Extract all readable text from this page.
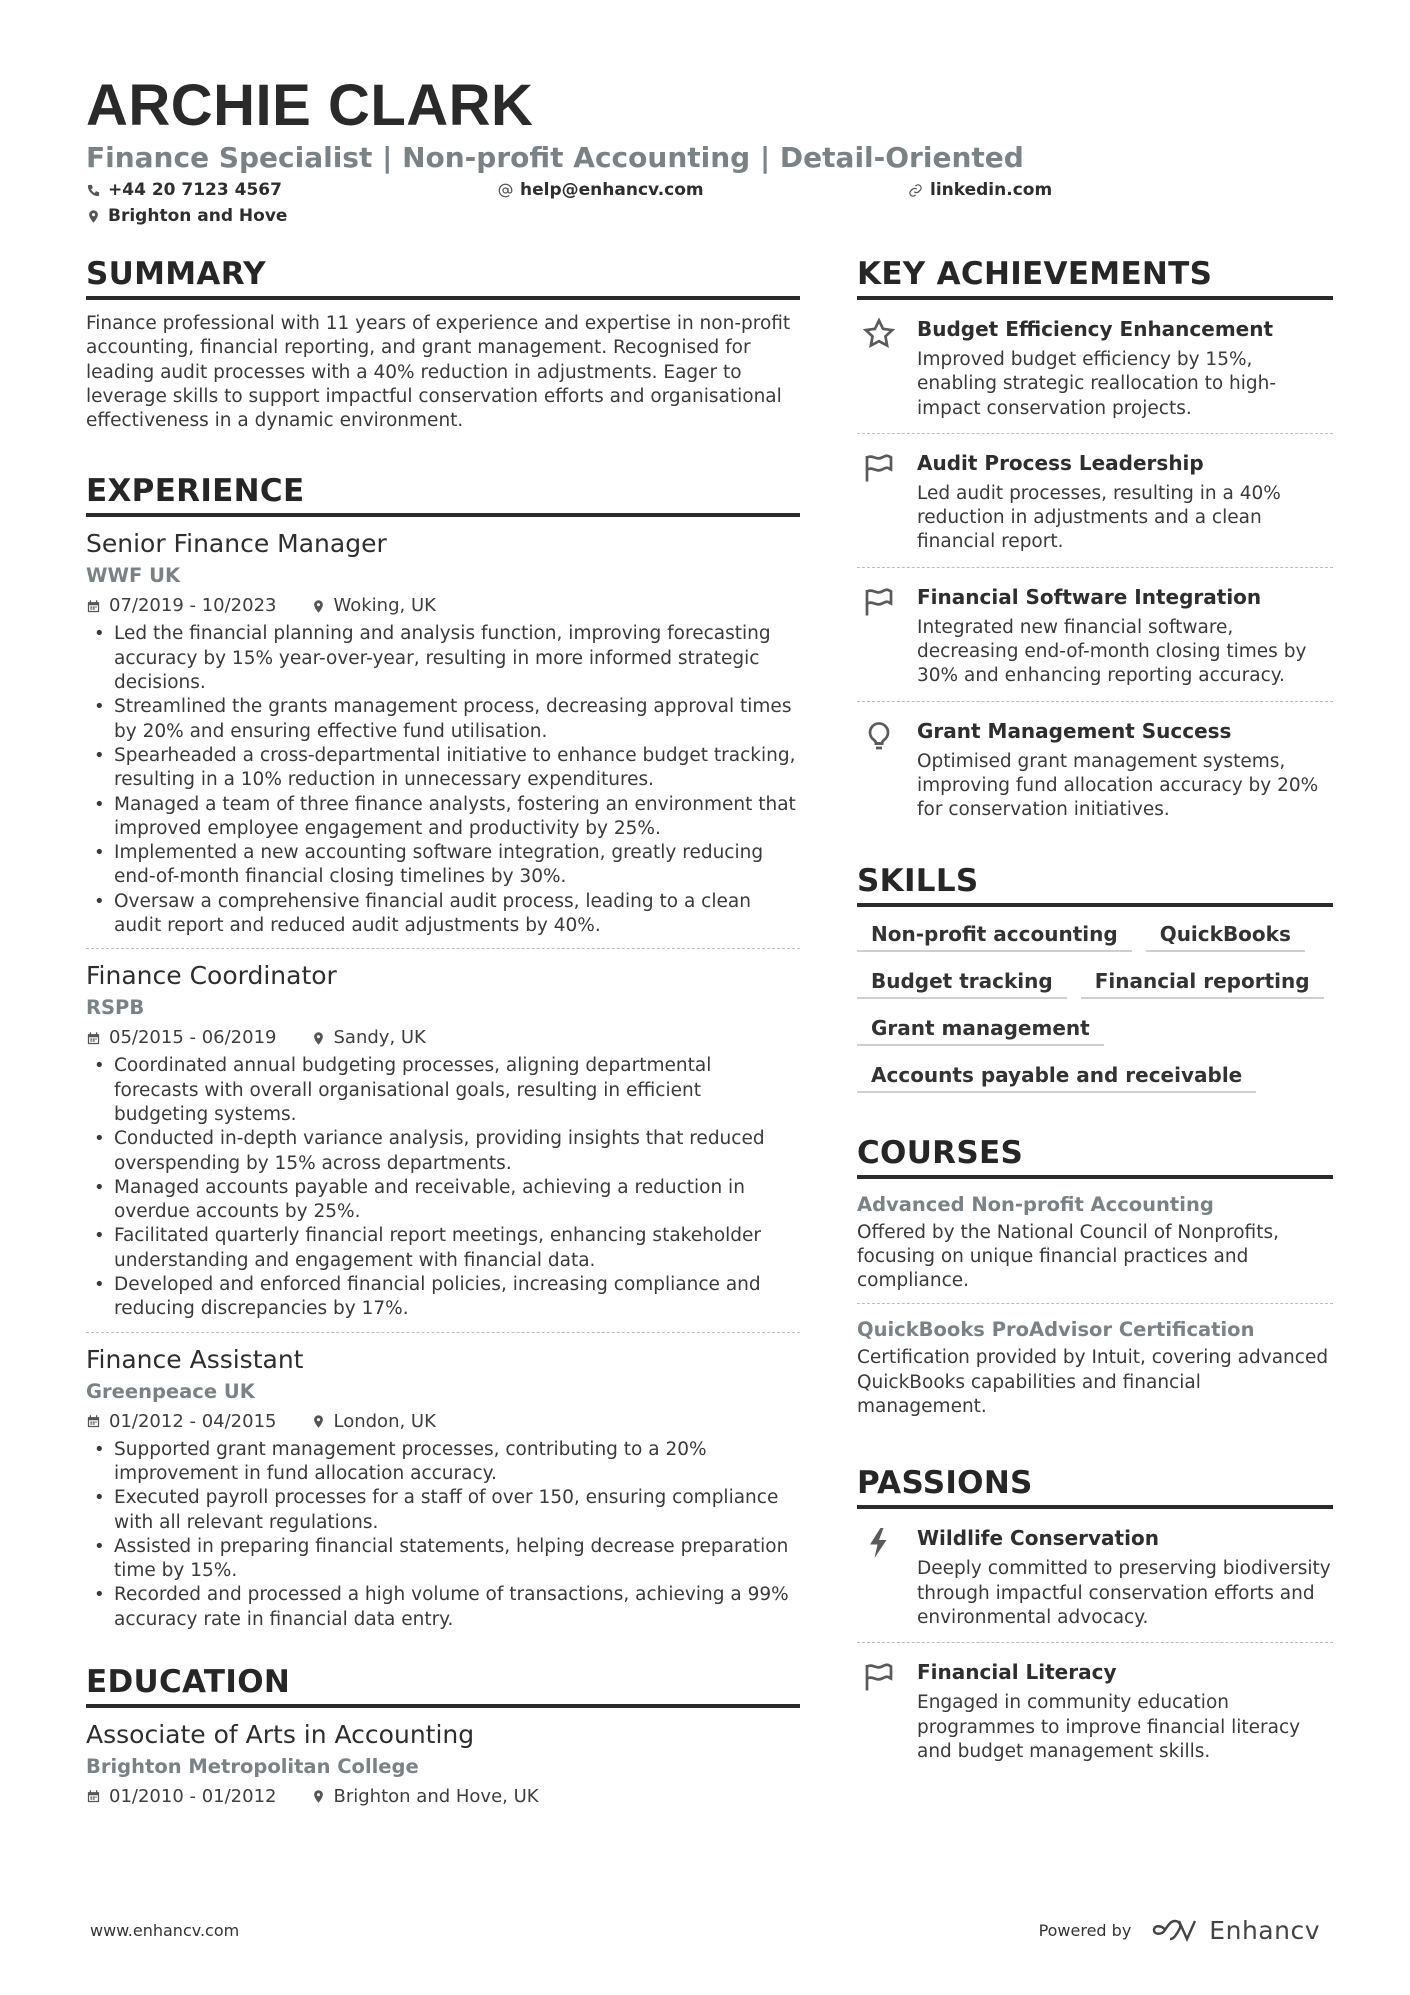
ARCHIE CLARK
Finance Specialist | Non-profit Accounting | Detail-Oriented
+44 20 7123 4567	help@enhancv.com	linkedin.com
Brighton and Hove
SUMMARY
Finance professional with 11 years of experience and expertise in non-profit accounting, financial reporting, and grant management. Recognised for leading audit processes with a 40% reduction in adjustments. Eager to leverage skills to support impactful conservation efforts and organisational effectiveness in a dynamic environment.
EXPERIENCE
Senior Finance Manager
WWF UK
07/2019 - 10/2023	Woking, UK
• Led the financial planning and analysis function, improving forecasting accuracy by 15% year-over-year, resulting in more informed strategic decisions.
• Streamlined the grants management process, decreasing approval times by 20% and ensuring effective fund utilisation.
• Spearheaded a cross-departmental initiative to enhance budget tracking, resulting in a 10% reduction in unnecessary expenditures.
• Managed a team of three finance analysts, fostering an environment that improved employee engagement and productivity by 25%.
• Implemented a new accounting software integration, greatly reducing end-of-month financial closing timelines by 30%.
• Oversaw a comprehensive financial audit process, leading to a clean audit report and reduced audit adjustments by 40%.
Finance Coordinator
RSPB
05/2015 - 06/2019	Sandy, UK
• Coordinated annual budgeting processes, aligning departmental forecasts with overall organisational goals, resulting in efficient budgeting systems.
• Conducted in-depth variance analysis, providing insights that reduced overspending by 15% across departments.
• Managed accounts payable and receivable, achieving a reduction in overdue accounts by 25%.
• Facilitated quarterly financial report meetings, enhancing stakeholder understanding and engagement with financial data.
• Developed and enforced financial policies, increasing compliance and reducing discrepancies by 17%.
Finance Assistant
Greenpeace UK
01/2012 - 04/2015	London, UK
• Supported grant management processes, contributing to a 20% improvement in fund allocation accuracy.
• Executed payroll processes for a staff of over 150, ensuring compliance with all relevant regulations.
• Assisted in preparing financial statements, helping decrease preparation time by 15%.
• Recorded and processed a high volume of transactions, achieving a 99% accuracy rate in financial data entry.
EDUCATION
Associate of Arts in Accounting
Brighton Metropolitan College
01/2010 - 01/2012	Brighton and Hove, UK
KEY ACHIEVEMENTS
Budget Efficiency Enhancement
Improved budget efficiency by 15%, enabling strategic reallocation to high-impact conservation projects.
Audit Process Leadership
Led audit processes, resulting in a 40% reduction in adjustments and a clean financial report.
Financial Software Integration
Integrated new financial software, decreasing end-of-month closing times by 30% and enhancing reporting accuracy.
Grant Management Success
Optimised grant management systems, improving fund allocation accuracy by 20% for conservation initiatives.
SKILLS
Non-profit accounting	QuickBooks
Budget tracking	Financial reporting
Grant management
Accounts payable and receivable
COURSES
Advanced Non-profit Accounting
Offered by the National Council of Nonprofits, focusing on unique financial practices and compliance.
QuickBooks ProAdvisor Certification
Certification provided by Intuit, covering advanced QuickBooks capabilities and financial management.
PASSIONS
Wildlife Conservation
Deeply committed to preserving biodiversity through impactful conservation efforts and environmental advocacy.
Financial Literacy
Engaged in community education programmes to improve financial literacy and budget management skills.
www.enhancv.com	Powered by	Enhancv
